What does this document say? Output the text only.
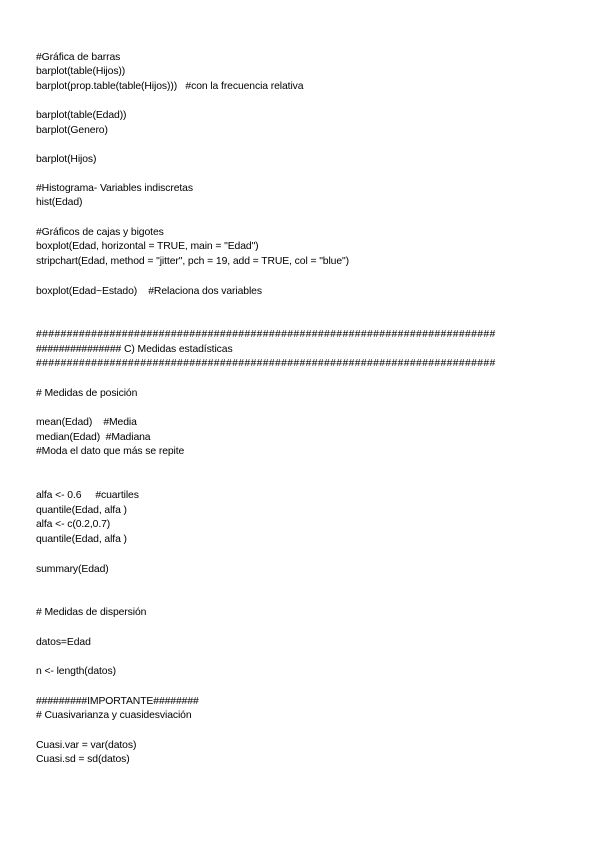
#Gráfica de barras
barplot(table(Hijos))
barplot(prop.table(table(Hijos)))   #con la frecuencia relativa
barplot(table(Edad))
barplot(Genero)
barplot(Hijos)
#Histograma- Variables indiscretas
hist(Edad)
#Gráficos de cajas y bigotes
boxplot(Edad, horizontal = TRUE, main = "Edad")
stripchart(Edad, method = "jitter", pch = 19, add = TRUE, col = "blue")
boxplot(Edad~Estado)    #Relaciona dos variables
###########################################################################
############### C) Medidas estadísticas
###########################################################################
# Medidas de posición
mean(Edad)    #Media
median(Edad)  #Madiana
#Moda el dato que más se repite
alfa <- 0.6     #cuartiles
quantile(Edad, alfa )
alfa <- c(0.2,0.7)
quantile(Edad, alfa )
summary(Edad)
# Medidas de dispersión
datos=Edad
n <- length(datos)
#########IMPORTANTE########
# Cuasivarianza y cuasidesviación
Cuasi.var = var(datos)
Cuasi.sd = sd(datos)
